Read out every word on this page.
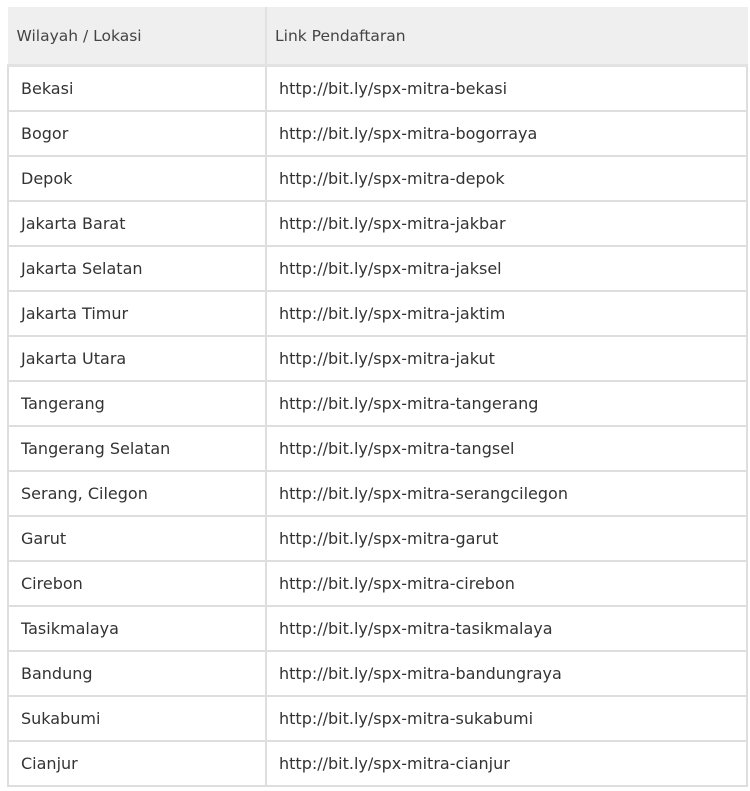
Wilayah / Lokasi	Link Pendaftaran
Bekasi	http://bit.ly/spx-mitra-bekasi
Bogor	http://bit.ly/spx-mitra-bogorraya
Depok	http://bit.ly/spx-mitra-depok
Jakarta Barat	http://bit.ly/spx-mitra-jakbar
Jakarta Selatan	http://bit.ly/spx-mitra-jaksel
Jakarta Timur	http://bit.ly/spx-mitra-jaktim
Jakarta Utara	http://bit.ly/spx-mitra-jakut
Tangerang	http://bit.ly/spx-mitra-tangerang
Tangerang Selatan	http://bit.ly/spx-mitra-tangsel
Serang, Cilegon	http://bit.ly/spx-mitra-serangcilegon
Garut	http://bit.ly/spx-mitra-garut
Cirebon	http://bit.ly/spx-mitra-cirebon
Tasikmalaya	http://bit.ly/spx-mitra-tasikmalaya
Bandung	http://bit.ly/spx-mitra-bandungraya
Sukabumi	http://bit.ly/spx-mitra-sukabumi
Cianjur	http://bit.ly/spx-mitra-cianjur
